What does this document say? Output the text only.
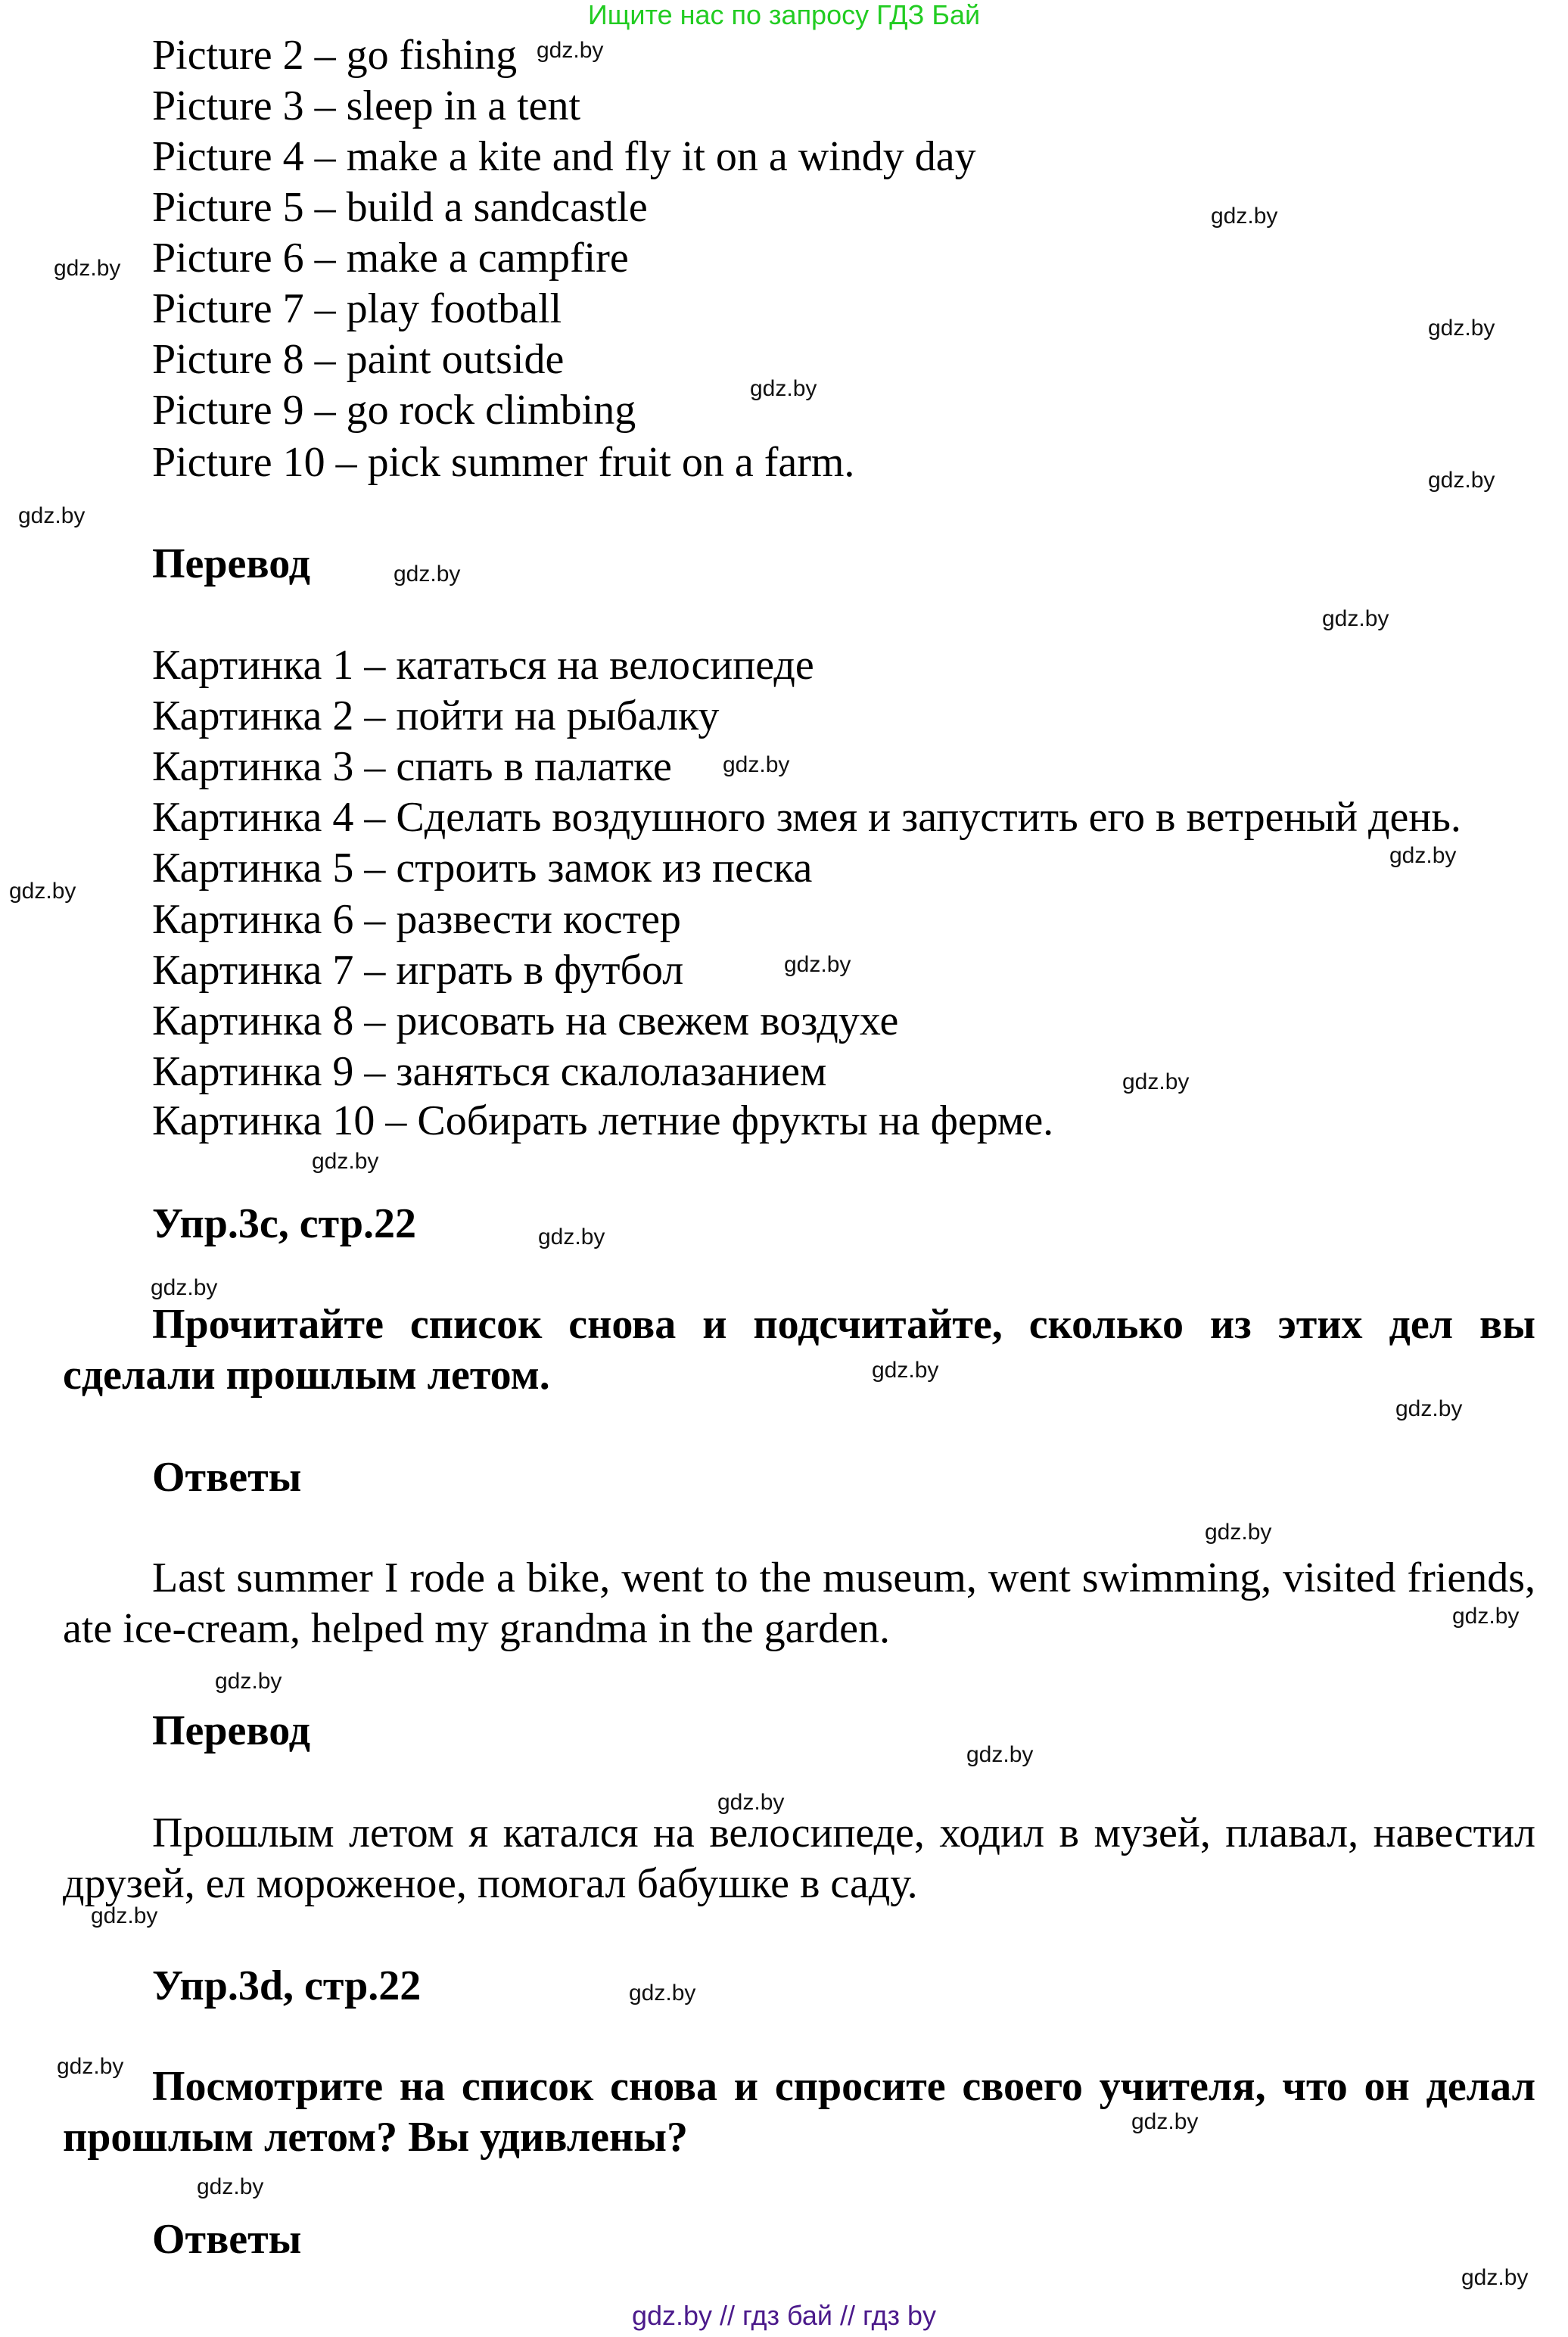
Ищите нас по запросу ГДЗ Бай
Picture 2 – go fishing
Picture 3 – sleep in a tent
Picture 4 – make a kite and fly it on a windy day
Picture 5 – build a sandcastle
Picture 6 – make a campfire
Picture 7 – play football
Picture 8 – paint outside
Picture 9 – go rock climbing
Picture 10 – pick summer fruit on a farm.
Перевод
Картинка 1 – кататься на велосипеде
Картинка 2 – пойти на рыбалку
Картинка 3 – спать в палатке
Картинка 4 – Сделать воздушного змея и запустить его в ветреный день.
Картинка 5 – строить замок из песка
Картинка 6 – развести костер
Картинка 7 – играть в футбол
Картинка 8 – рисовать на свежем воздухе
Картинка 9 – заняться скалолазанием
Картинка 10 – Собирать летние фрукты на ферме.
Упр.3с, стр.22
Прочитайте список снова и подсчитайте, сколько из этих дел вы сделали прошлым летом.
Ответы
Last summer I rode a bike, went to the museum, went swimming, visited friends, ate ice-cream, helped my grandma in the garden.
Перевод
Прошлым летом я катался на велосипеде, ходил в музей, плавал, навестил друзей, ел мороженое, помогал бабушке в саду.
Упр.3d, стр.22
Посмотрите на список снова и спросите своего учителя, что он делал прошлым летом? Вы удивлены?
Ответы
gdz.by
gdz.by
gdz.by
gdz.by
gdz.by
gdz.by
gdz.by
gdz.by
gdz.by
gdz.by
gdz.by
gdz.by
gdz.by
gdz.by
gdz.by
gdz.by
gdz.by
gdz.by
gdz.by
gdz.by
gdz.by
gdz.by
gdz.by
gdz.by
gdz.by
gdz.by
gdz.by
gdz.by
gdz.by
gdz.by
gdz.by // гдз бай // гдз by
